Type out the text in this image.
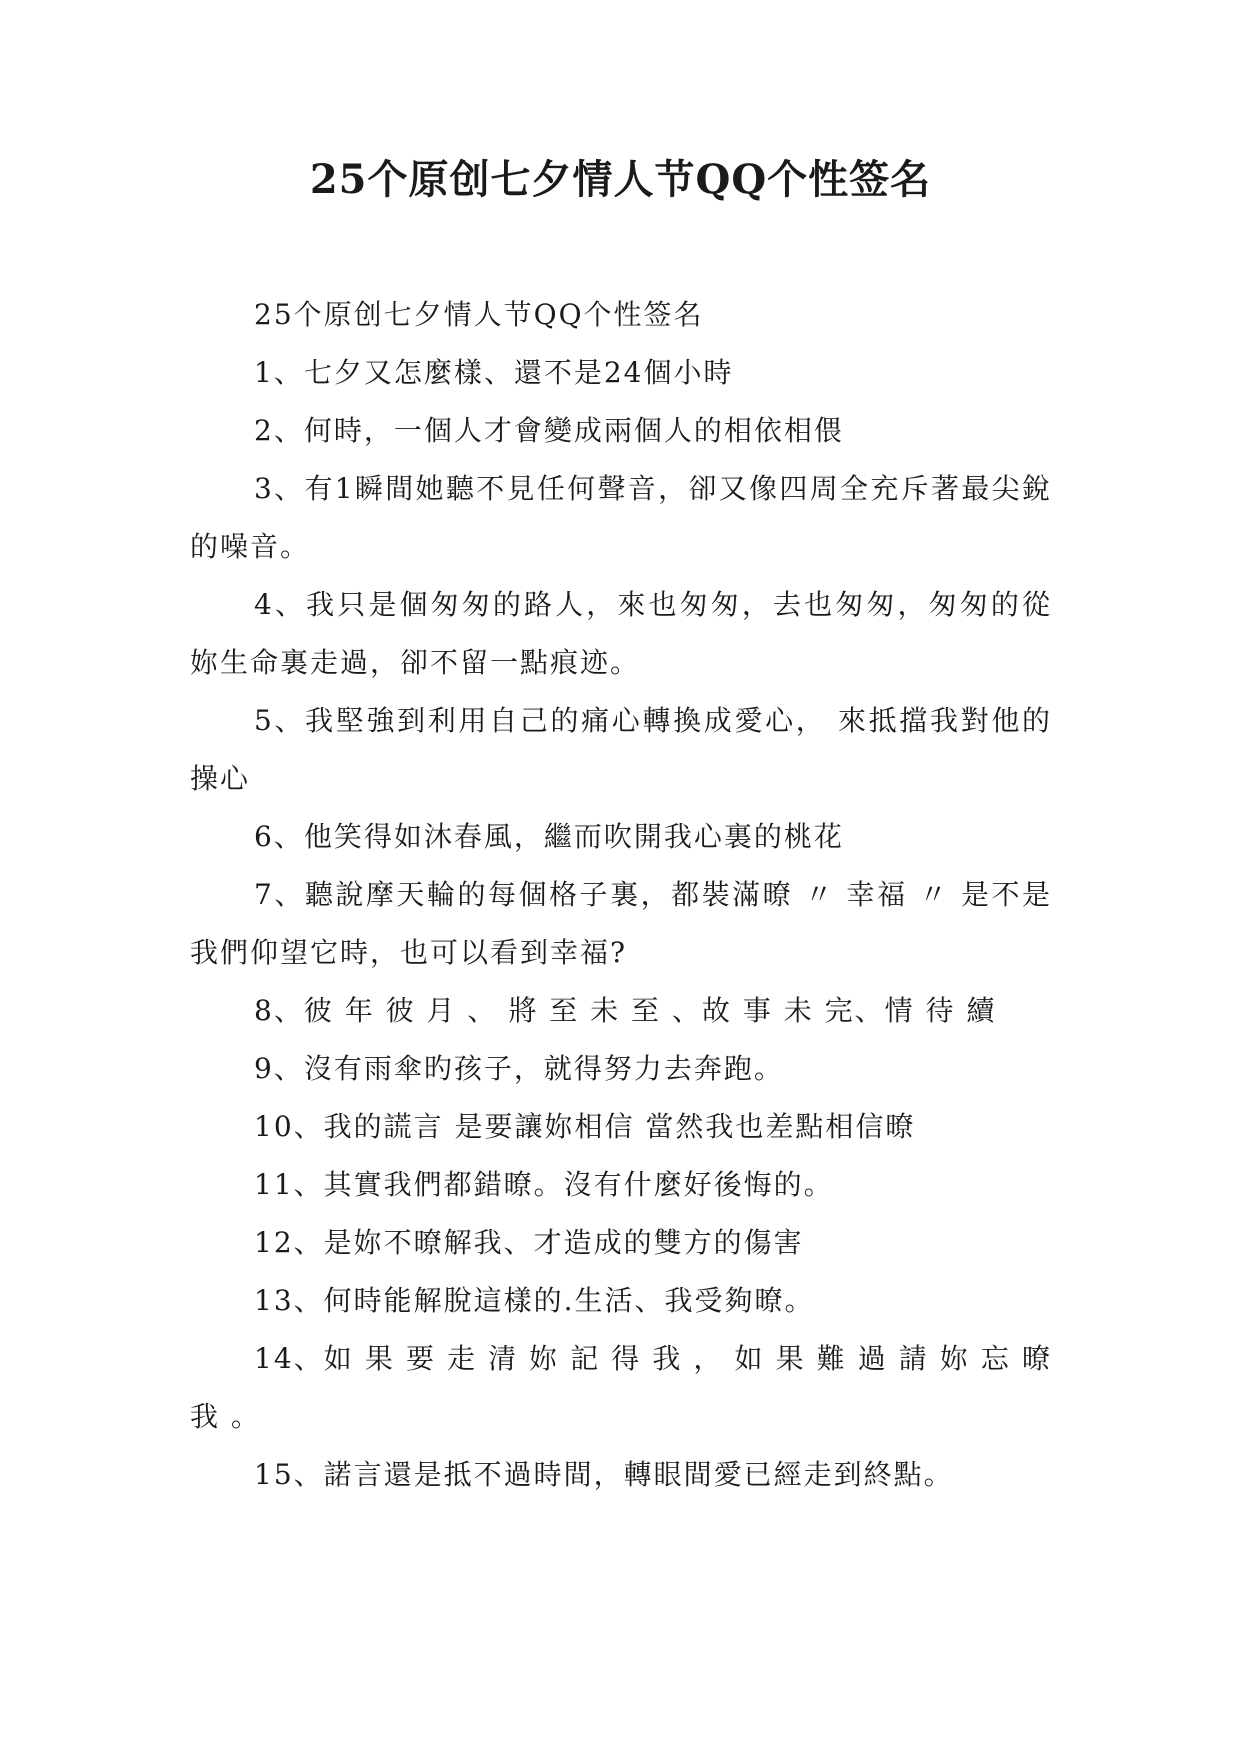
25个原创七夕情人节QQ个性签名

25个原创七夕情人节QQ个性签名

1、七夕又怎麼樣、還不是24個小時

2、何時，一個人才會變成兩個人的相依相偎

3、有1瞬間她聽不見任何聲音，卻又像四周全充斥著最尖銳的噪音。

4、我只是個匆匆的路人，來也匆匆，去也匆匆，匆匆的從妳生命裏走過，卻不留一點痕迹。

5、我堅強到利用自己的痛心轉換成愛心， 來抵擋我對他的操心

6、他笑得如沐春風，繼而吹開我心裏的桃花

7、聽說摩天輪的每個格子裏，都裝滿暸 〃 幸福 〃 是不是我們仰望它時，也可以看到幸福?

8、彼 年 彼 月 、 將 至 未 至 、故 事 未 完、情 待 續

9、沒有雨傘旳孩子，就得努力去奔跑。

10、我的謊言 是要讓妳相信 當然我也差點相信暸

11、其實我們都錯暸。沒有什麼好後悔的。

12、是妳不暸解我、才造成的雙方的傷害

13、何時能解脫這樣的.生活、我受夠暸。

14、如 果 要 走 清 妳 記 得 我 ， 如 果 難 過 請 妳 忘 暸 我 。

15、諾言還是抵不過時間，轉眼間愛已經走到終點。
